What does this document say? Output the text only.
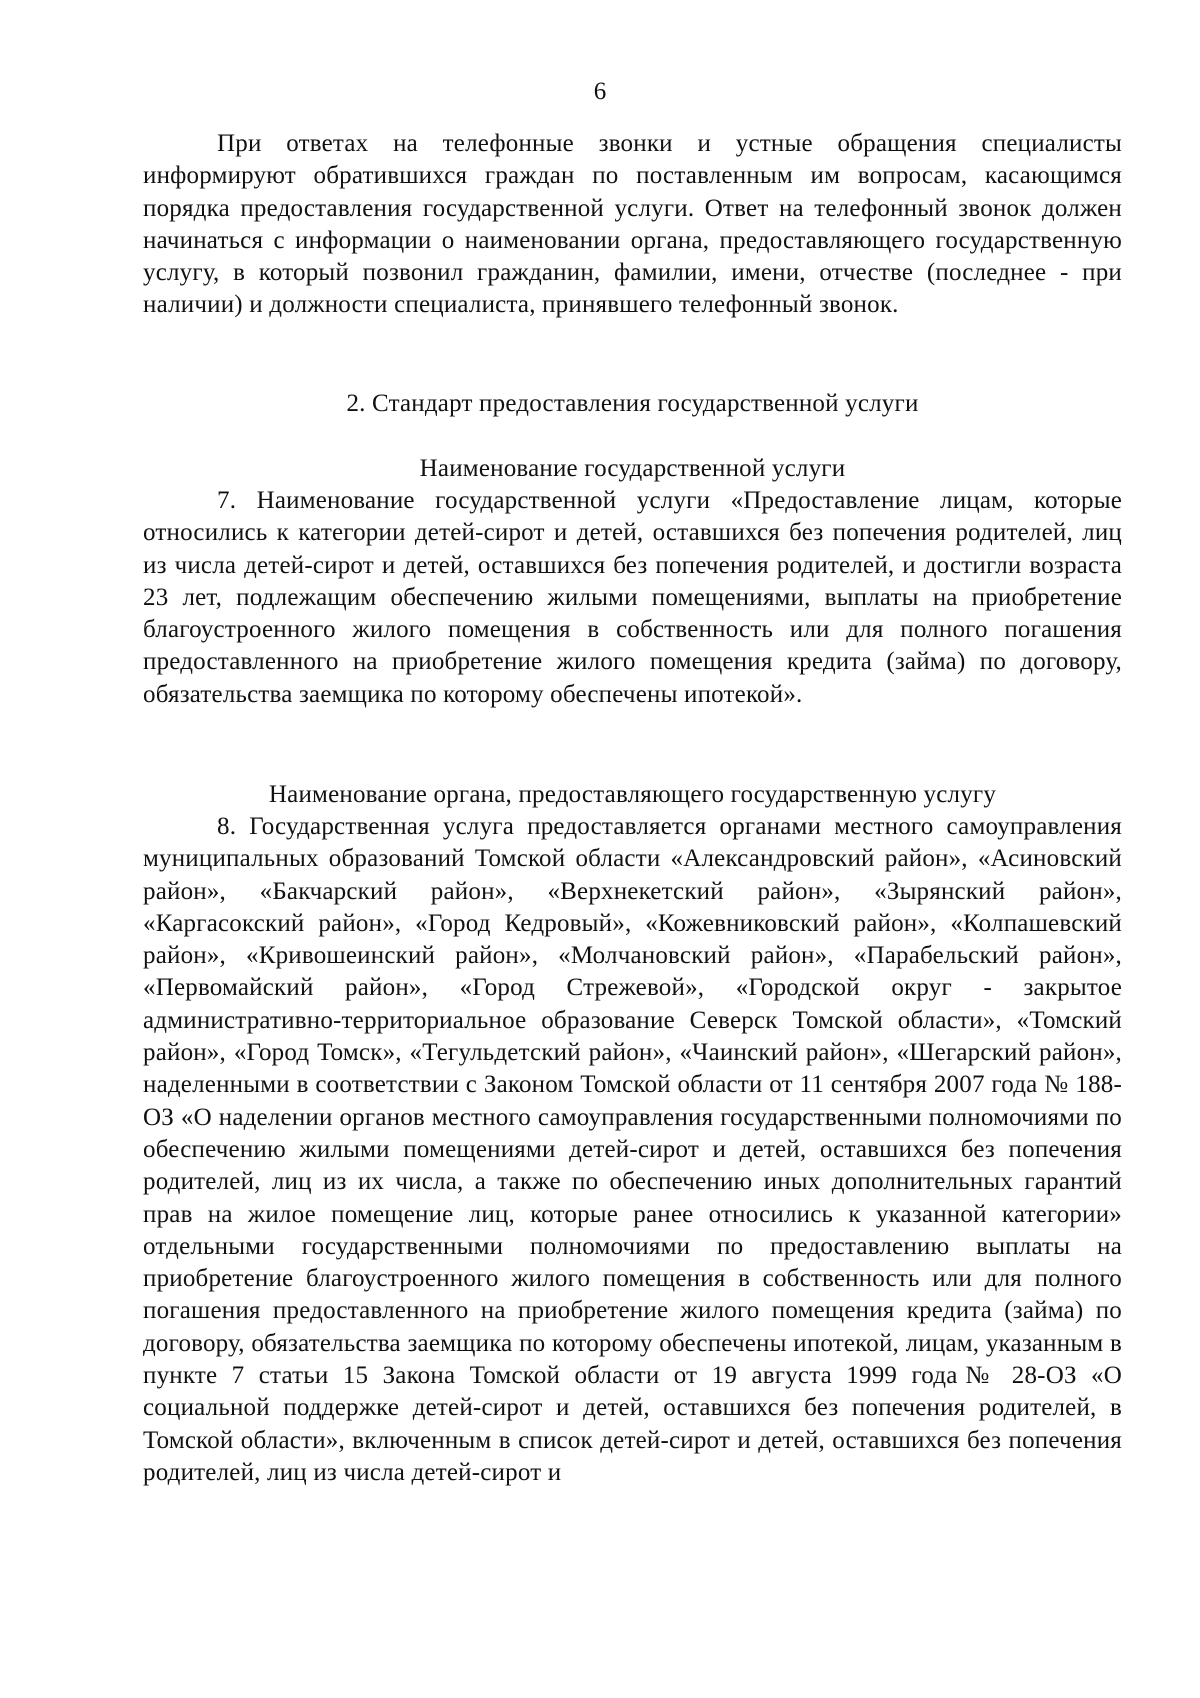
6

При ответах на телефонные звонки и устные обращения специалисты информируют обратившихся граждан по поставленным им вопросам, касающимся порядка предоставления государственной услуги. Ответ на телефонный звонок должен начинаться с информации о наименовании органа, предоставляющего государственную услугу, в который позвонил гражданин, фамилии, имени, отчестве (последнее - при наличии) и должности специалиста, принявшего телефонный звонок.

2. Стандарт предоставления государственной услуги

Наименование государственной услуги

7. Наименование государственной услуги «Предоставление лицам, которые относились к категории детей-сирот и детей, оставшихся без попечения родителей, лиц из числа детей-сирот и детей, оставшихся без попечения родителей, и достигли возраста 23 лет, подлежащим обеспечению жилыми помещениями, выплаты на приобретение благоустроенного жилого помещения в собственность или для полного погашения предоставленного на приобретение жилого помещения кредита (займа) по договору, обязательства заемщика по которому обеспечены ипотекой».

Наименование органа, предоставляющего государственную услугу

8. Государственная услуга предоставляется органами местного самоуправления муниципальных образований Томской области «Александровский район», «Асиновский район», «Бакчарский район», «Верхнекетский район», «Зырянский район», «Каргасокский район», «Город Кедровый», «Кожевниковский район», «Колпашевский район», «Кривошеинский район», «Молчановский район», «Парабельский район», «Первомайский район», «Город Стрежевой», «Городской округ - закрытое административно-территориальное образование Северск Томской области», «Томский район», «Город Томск», «Тегульдетский район», «Чаинский район», «Шегарский район», наделенными в соответствии с Законом Томской области от 11 сентября 2007 года № 188-ОЗ «О наделении органов местного самоуправления государственными полномочиями по обеспечению жилыми помещениями детей-сирот и детей, оставшихся без попечения родителей, лиц из их числа, а также по обеспечению иных дополнительных гарантий прав на жилое помещение лиц, которые ранее относились к указанной категории» отдельными государственными полномочиями по предоставлению выплаты на приобретение благоустроенного жилого помещения в собственность или для полного погашения предоставленного на приобретение жилого помещения кредита (займа) по договору, обязательства заемщика по которому обеспечены ипотекой, лицам, указанным в пункте 7 статьи 15 Закона Томской области от 19 августа 1999 года№ 28-ОЗ «О социальной поддержке детей-сирот и детей, оставшихся без попечения родителей, в Томской области», включенным в список детей-сирот и детей, оставшихся без попечения родителей, лиц из числа детей-сирот и
